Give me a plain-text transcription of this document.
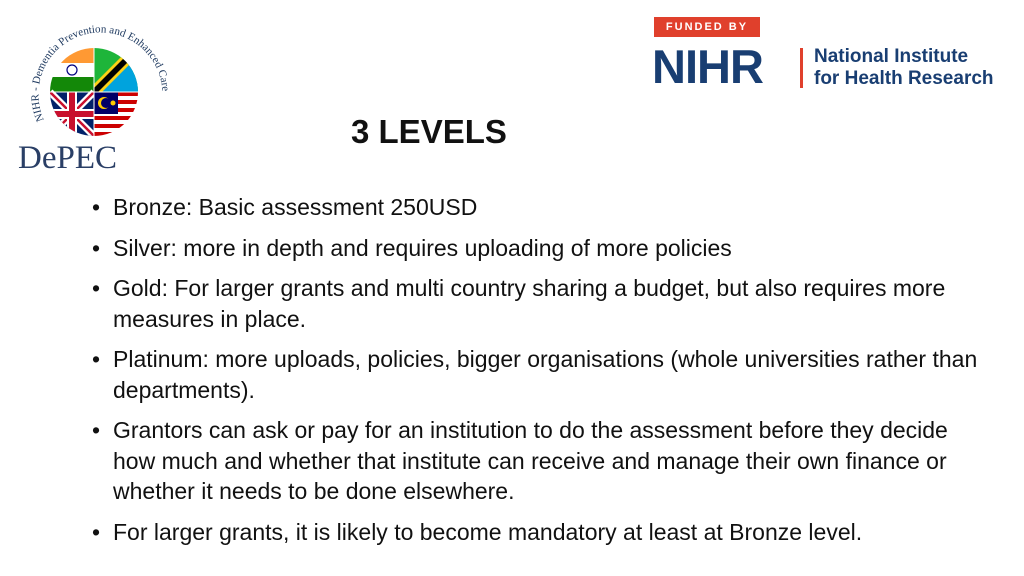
NIHR - Dementia Prevention and Enhanced Care
DePEC
FUNDED BY
NIHR	National Institute
for Health Research
3 LEVELS
• Bronze: Basic assessment 250USD
• Silver: more in depth and requires uploading of more policies
• Gold: For larger grants and multi country sharing a budget, but also requires more measures in place.
• Platinum: more uploads, policies, bigger organisations (whole universities rather than departments).
• Grantors can ask or pay for an institution to do the assessment before they decide how much and whether that institute can receive and manage their own finance or whether it needs to be done elsewhere.
• For larger grants, it is likely to become mandatory at least at Bronze level.
